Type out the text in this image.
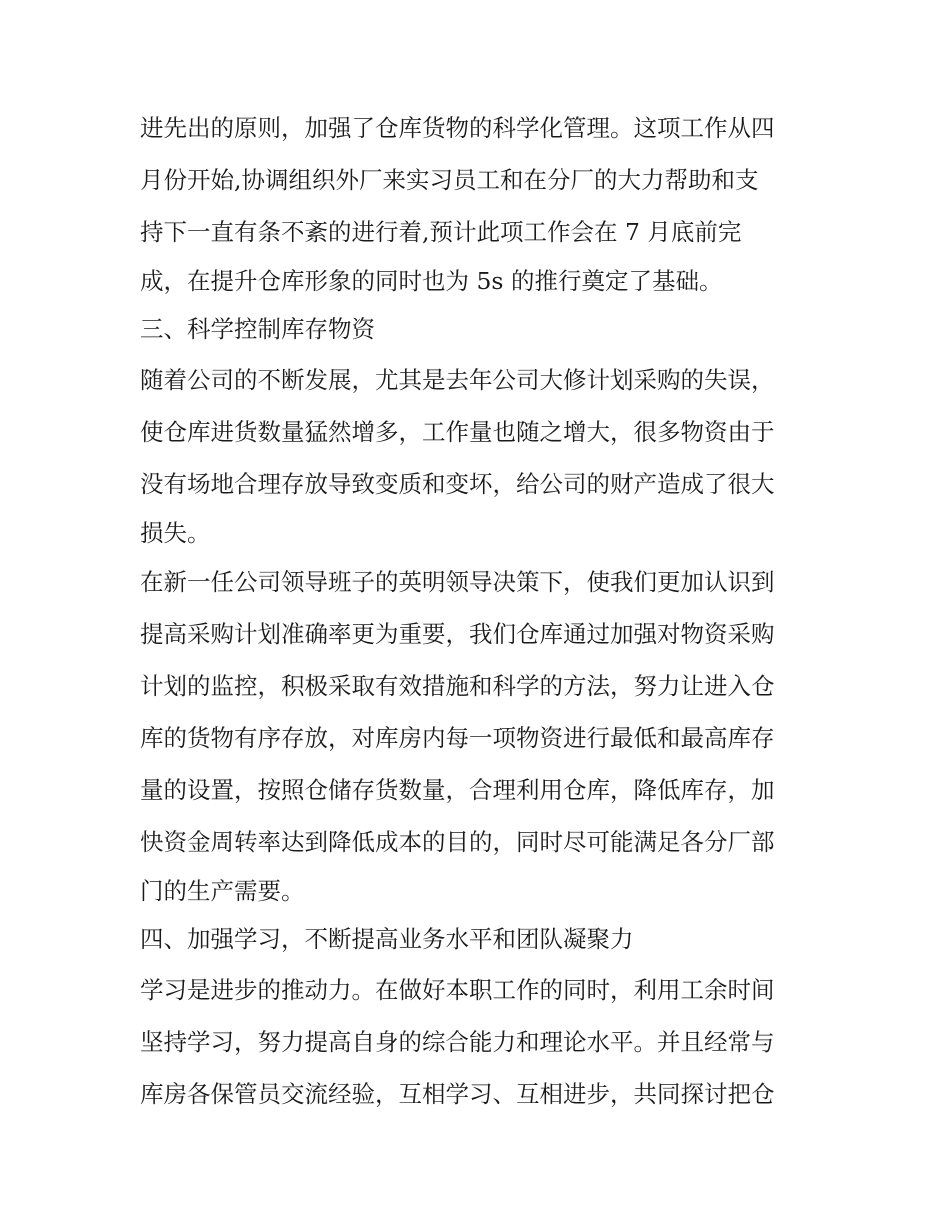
进先出的原则，加强了仓库货物的科学化管理。这项工作从四
月份开始,协调组织外厂来实习员工和在分厂的大力帮助和支
持下一直有条不紊的进行着,预计此项工作会在 7 月底前完
成，在提升仓库形象的同时也为 5s 的推行奠定了基础。
三、科学控制库存物资
随着公司的不断发展，尤其是去年公司大修计划采购的失误，
使仓库进货数量猛然增多，工作量也随之增大，很多物资由于
没有场地合理存放导致变质和变坏，给公司的财产造成了很大
损失。
在新一任公司领导班子的英明领导决策下，使我们更加认识到
提高采购计划准确率更为重要，我们仓库通过加强对物资采购
计划的监控，积极采取有效措施和科学的方法，努力让进入仓
库的货物有序存放，对库房内每一项物资进行最低和最高库存
量的设置，按照仓储存货数量，合理利用仓库，降低库存，加
快资金周转率达到降低成本的目的，同时尽可能满足各分厂部
门的生产需要。
四、加强学习，不断提高业务水平和团队凝聚力
学习是进步的推动力。在做好本职工作的同时，利用工余时间
坚持学习，努力提高自身的综合能力和理论水平。并且经常与
库房各保管员交流经验，互相学习、互相进步，共同探讨把仓
